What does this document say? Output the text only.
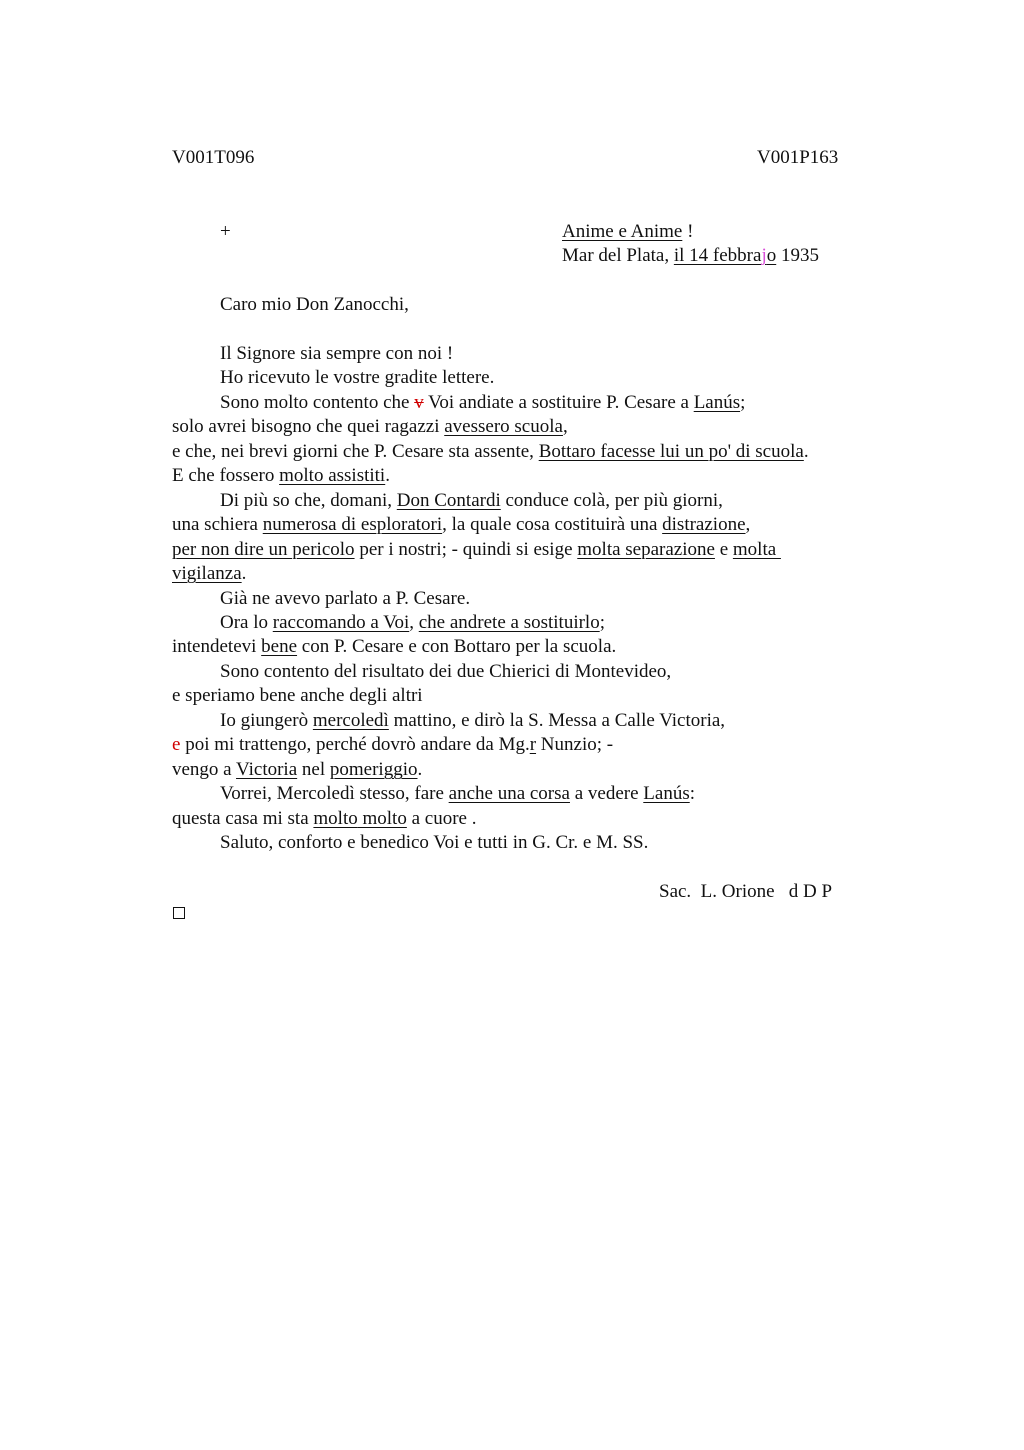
V001T096	V001P163
+	Anime e Anime !
Mar del Plata, il 14 febbrajo 1935
Caro mio Don Zanocchi,
Il Signore sia sempre con noi !
Ho ricevuto le vostre gradite lettere.
Sono molto contento che v Voi andiate a sostituire P. Cesare a Lanús;
solo avrei bisogno che quei ragazzi avessero scuola,
e che, nei brevi giorni che P. Cesare sta assente, Bottaro facesse lui un po' di scuola.
E che fossero molto assistiti.
Di più so che, domani, Don Contardi conduce colà, per più giorni,
una schiera numerosa di esploratori, la quale cosa costituirà una distrazione,
per non dire un pericolo per i nostri; - quindi si esige molta separazione e molta
vigilanza.
Già ne avevo parlato a P. Cesare.
Ora lo raccomando a Voi, che andrete a sostituirlo;
intendetevi bene con P. Cesare e con Bottaro per la scuola.
Sono contento del risultato dei due Chierici di Montevideo,
e speriamo bene anche degli altri
Io giungerò mercoledì mattino, e dirò la S. Messa a Calle Victoria,
e poi mi trattengo, perché dovrò andare da Mg.r Nunzio; -
vengo a Victoria nel pomeriggio.
Vorrei, Mercoledì stesso, fare anche una corsa a vedere Lanús:
questa casa mi sta molto molto a cuore .
Saluto, conforto e benedico Voi e tutti in G. Cr. e M. SS.
Sac.  L. Orione   d D P
